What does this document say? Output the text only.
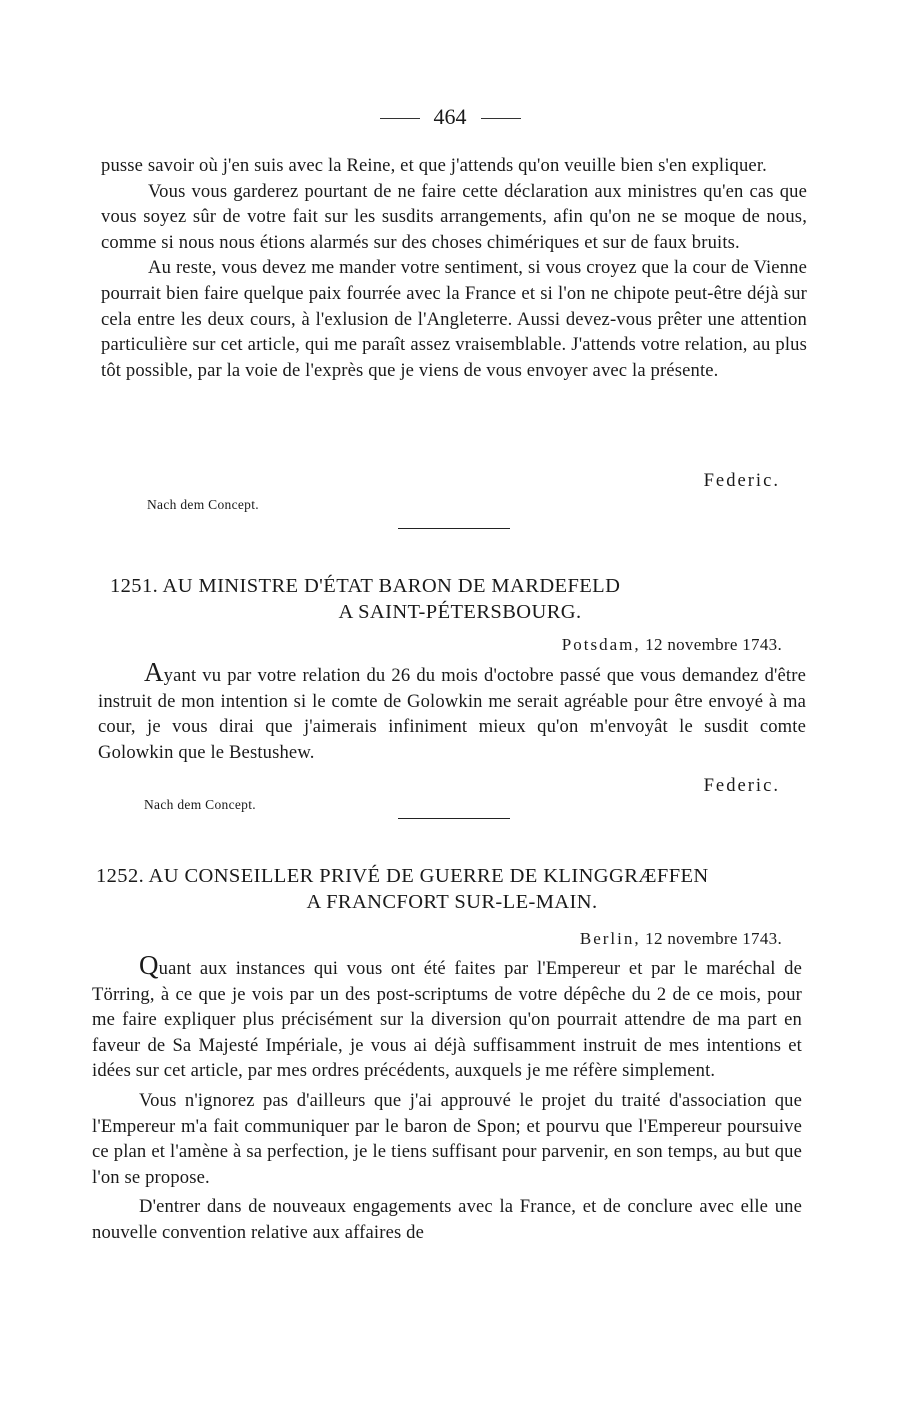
464

pusse savoir où j'en suis avec la Reine, et que j'attends qu'on veuille bien s'en expliquer.

Vous vous garderez pourtant de ne faire cette déclaration aux ministres qu'en cas que vous soyez sûr de votre fait sur les susdits arrangements, afin qu'on ne se moque de nous, comme si nous nous étions alarmés sur des choses chimériques et sur de faux bruits.

Au reste, vous devez me mander votre sentiment, si vous croyez que la cour de Vienne pourrait bien faire quelque paix fourrée avec la France et si l'on ne chipote peut-être déjà sur cela entre les deux cours, à l'exlusion de l'Angleterre. Aussi devez-vous prêter une attention particulière sur cet article, qui me paraît assez vraisemblable. J'attends votre relation, au plus tôt possible, par la voie de l'exprès que je viens de vous envoyer avec la présente.

Federic.
Nach dem Concept.
1251. AU MINISTRE D'ÉTAT BARON DE MARDEFELD
A SAINT-PÉTERSBOURG.
Potsdam, 12 novembre 1743.

Ayant vu par votre relation du 26 du mois d'octobre passé que vous demandez d'être instruit de mon intention si le comte de Golowkin me serait agréable pour être envoyé à ma cour, je vous dirai que j'aimerais infiniment mieux qu'on m'envoyât le susdit comte Golowkin que le Bestushew.

Federic.
Nach dem Concept.
1252. AU CONSEILLER PRIVÉ DE GUERRE DE KLINGGRÆFFEN
A FRANCFORT SUR-LE-MAIN.
Berlin, 12 novembre 1743.

Quant aux instances qui vous ont été faites par l'Empereur et par le maréchal de Törring, à ce que je vois par un des post-scriptums de votre dépêche du 2 de ce mois, pour me faire expliquer plus précisément sur la diversion qu'on pourrait attendre de ma part en faveur de Sa Majesté Impériale, je vous ai déjà suffisamment instruit de mes intentions et idées sur cet article, par mes ordres précédents, auxquels je me réfère simplement.

Vous n'ignorez pas d'ailleurs que j'ai approuvé le projet du traité d'association que l'Empereur m'a fait communiquer par le baron de Spon; et pourvu que l'Empereur poursuive ce plan et l'amène à sa perfection, je le tiens suffisant pour parvenir, en son temps, au but que l'on se propose.

D'entrer dans de nouveaux engagements avec la France, et de conclure avec elle une nouvelle convention relative aux affaires de
